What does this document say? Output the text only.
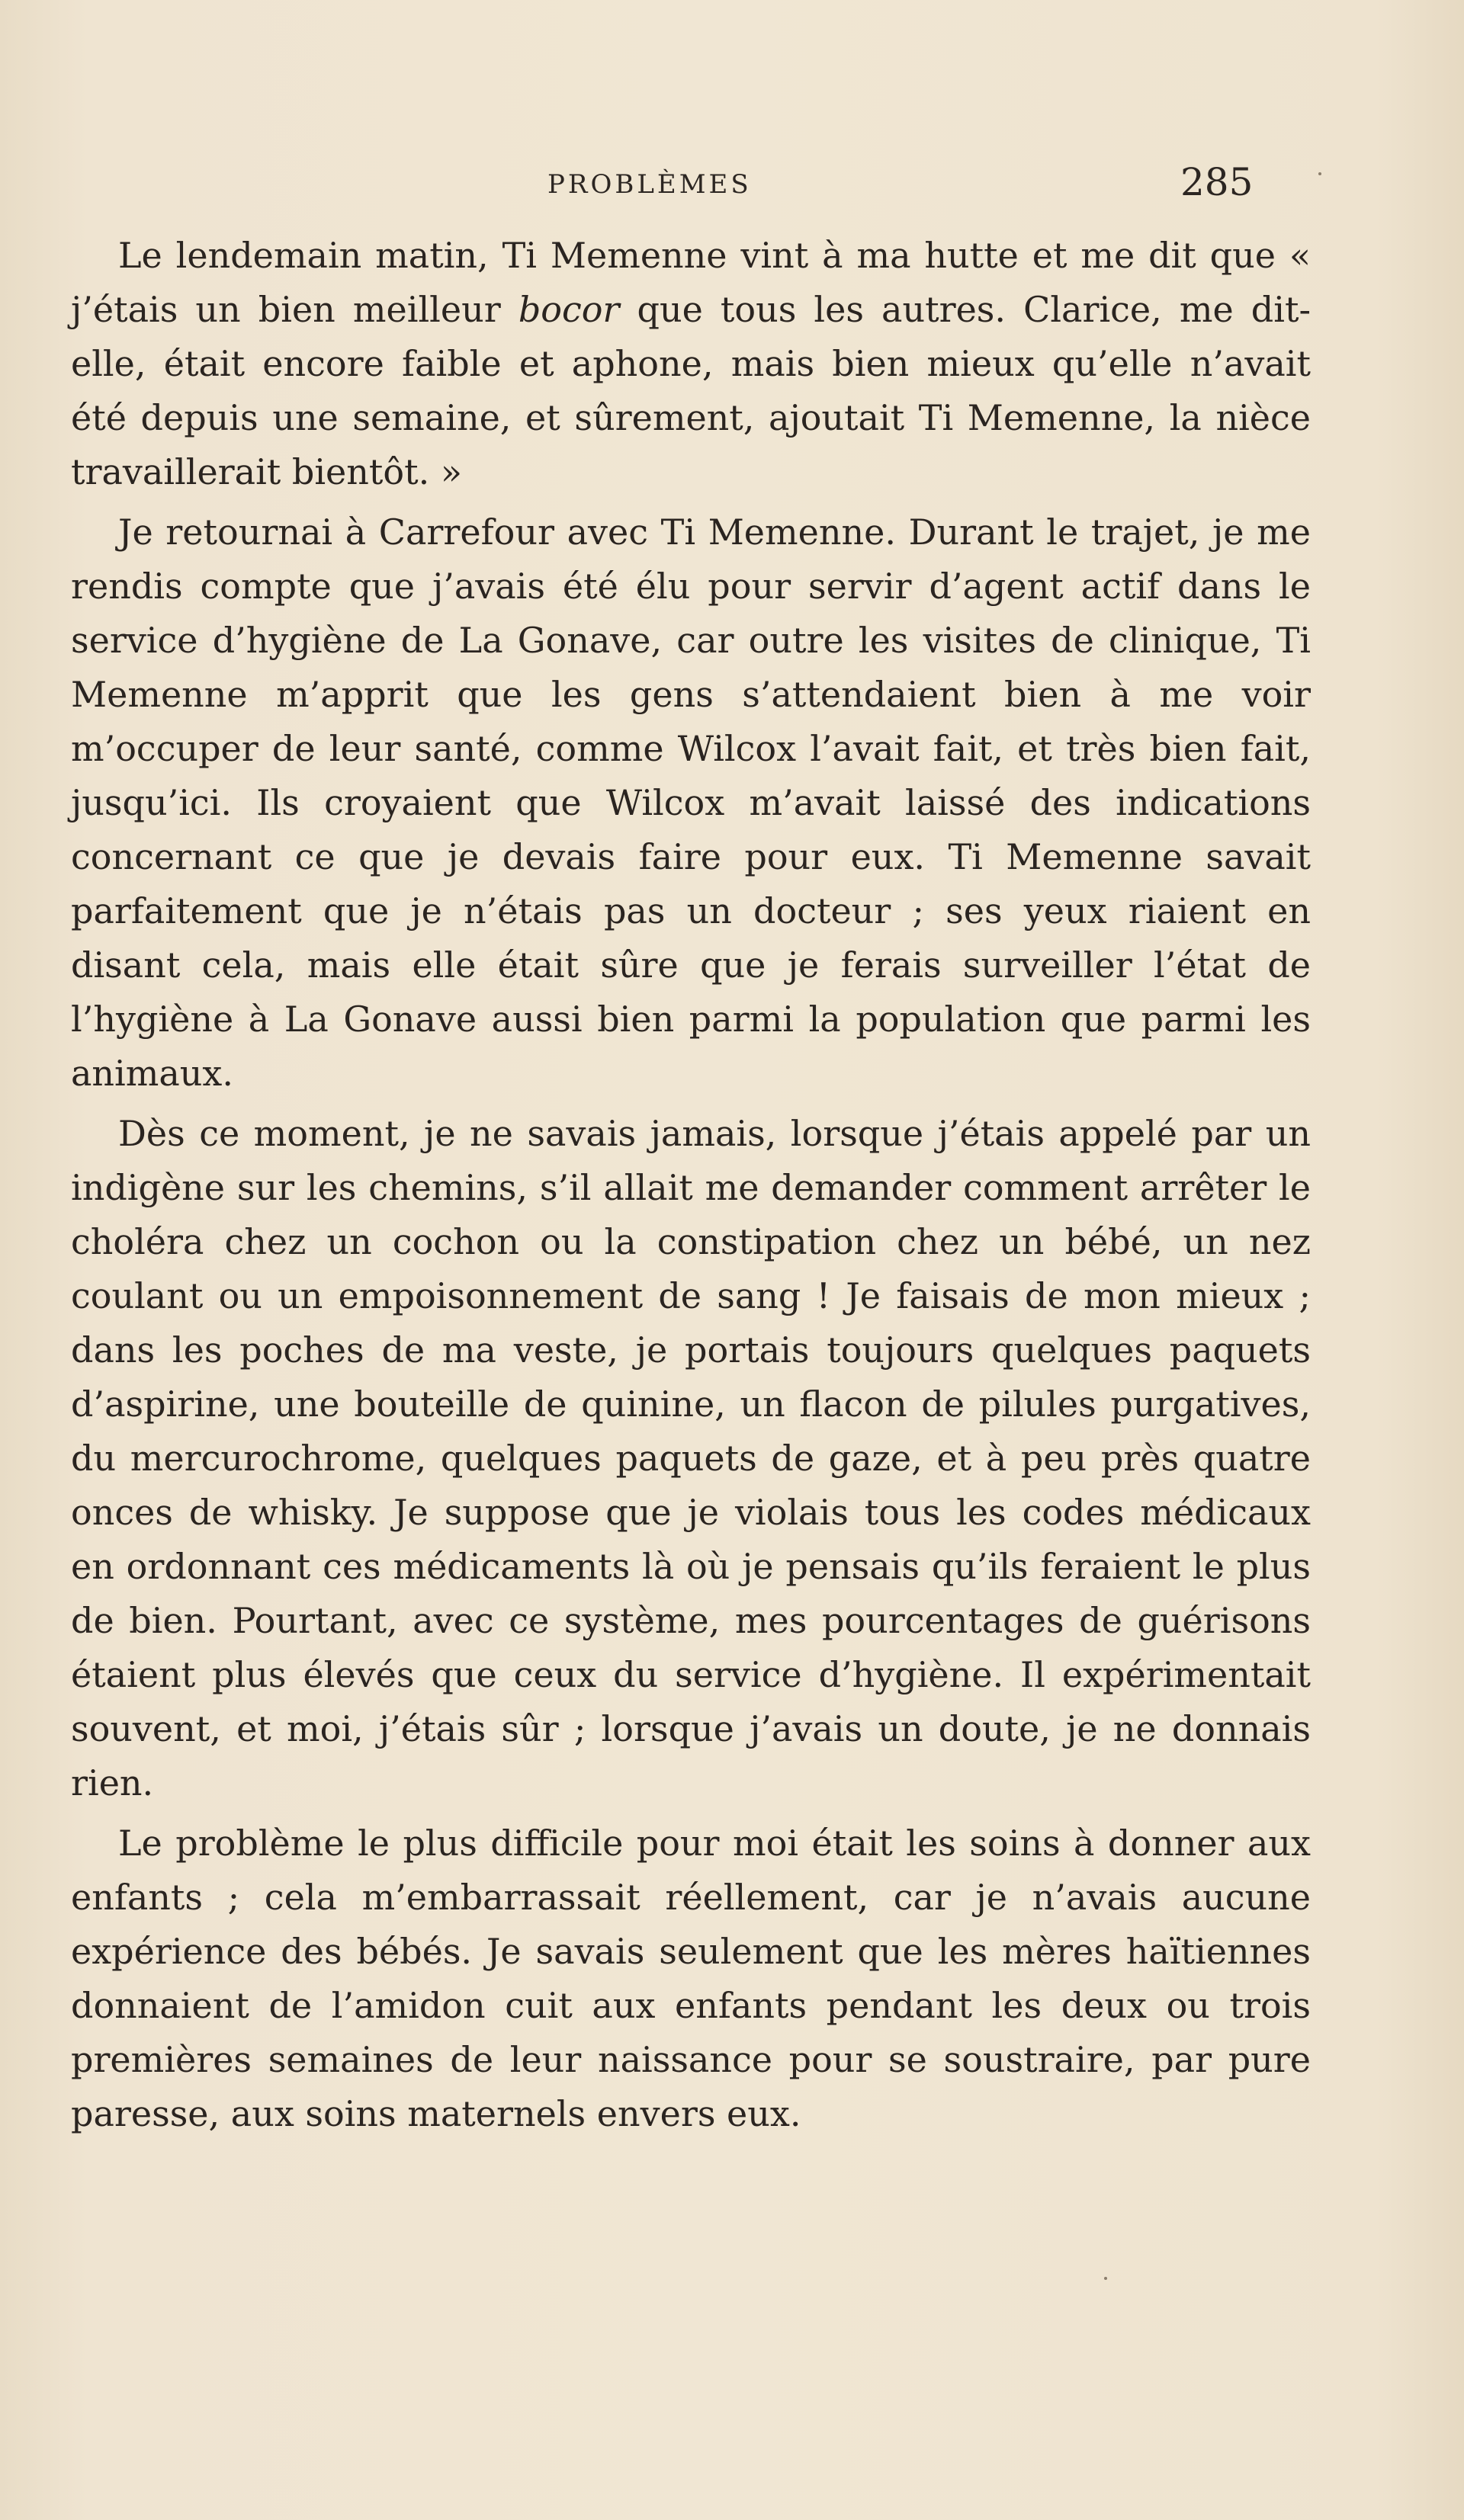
PROBLÈMES	285

Le lendemain matin, Ti Memenne vint à ma hutte et me dit que « j’étais un bien meilleur bocor que tous les autres. Clarice, me dit-elle, était encore faible et aphone, mais bien mieux qu’elle n’avait été depuis une semaine, et sûrement, ajoutait Ti Memenne, la nièce travaillerait bientôt. »

Je retournai à Carrefour avec Ti Memenne. Durant le trajet, je me rendis compte que j’avais été élu pour servir d’agent actif dans le service d’hygiène de La Gonave, car outre les visites de clinique, Ti Memenne m’apprit que les gens s’attendaient bien à me voir m’occuper de leur santé, comme Wilcox l’avait fait, et très bien fait, jusqu’ici. Ils croyaient que Wilcox m’avait laissé des indications concernant ce que je devais faire pour eux. Ti Memenne savait parfaitement que je n’étais pas un docteur ; ses yeux riaient en disant cela, mais elle était sûre que je ferais surveiller l’état de l’hygiène à La Gonave aussi bien parmi la population que parmi les animaux.

Dès ce moment, je ne savais jamais, lorsque j’étais appelé par un indigène sur les chemins, s’il allait me demander comment arrêter le choléra chez un cochon ou la constipation chez un bébé, un nez coulant ou un empoisonnement de sang ! Je faisais de mon mieux ; dans les poches de ma veste, je portais toujours quelques paquets d’aspirine, une bouteille de quinine, un flacon de pilules purgatives, du mercurochrome, quelques paquets de gaze, et à peu près quatre onces de whisky. Je suppose que je violais tous les codes médicaux en ordonnant ces médicaments là où je pensais qu’ils feraient le plus de bien. Pourtant, avec ce système, mes pourcentages de guérisons étaient plus élevés que ceux du service d’hygiène. Il expérimentait souvent, et moi, j’étais sûr ; lorsque j’avais un doute, je ne donnais rien.

Le problème le plus difficile pour moi était les soins à donner aux enfants ; cela m’embarrassait réellement, car je n’avais aucune expérience des bébés. Je savais seulement que les mères haïtiennes donnaient de l’amidon cuit aux enfants pendant les deux ou trois premières semaines de leur naissance pour se soustraire, par pure paresse, aux soins maternels envers eux.
